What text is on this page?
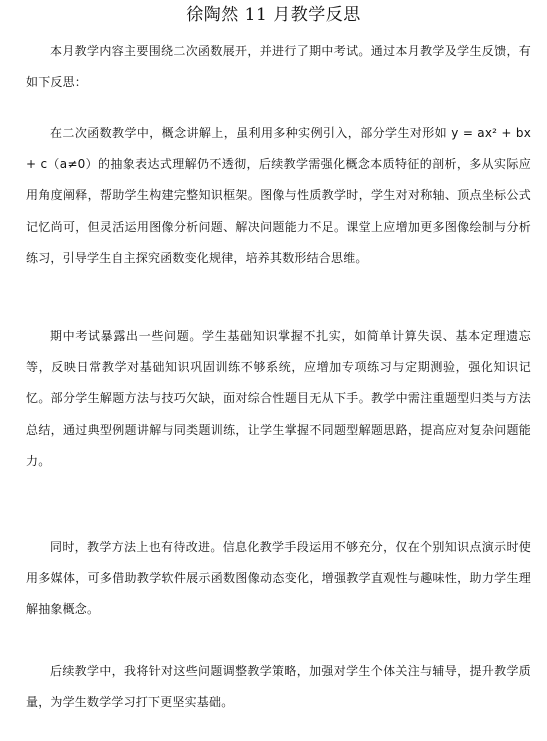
徐陶然 11 月教学反思

本月教学内容主要围绕二次函数展开，并进行了期中考试。通过本月教学及学生反馈，有如下反思：

在二次函数教学中，概念讲解上，虽利用多种实例引入，部分学生对形如 y = ax² + bx + c（a≠0）的抽象表达式理解仍不透彻，后续教学需强化概念本质特征的剖析，多从实际应用角度阐释，帮助学生构建完整知识框架。图像与性质教学时，学生对对称轴、顶点坐标公式记忆尚可，但灵活运用图像分析问题、解决问题能力不足。课堂上应增加更多图像绘制与分析练习，引导学生自主探究函数变化规律，培养其数形结合思维。

期中考试暴露出一些问题。学生基础知识掌握不扎实，如简单计算失误、基本定理遗忘等，反映日常教学对基础知识巩固训练不够系统，应增加专项练习与定期测验，强化知识记忆。部分学生解题方法与技巧欠缺，面对综合性题目无从下手。教学中需注重题型归类与方法总结，通过典型例题讲解与同类题训练，让学生掌握不同题型解题思路，提高应对复杂问题能力。

同时，教学方法上也有待改进。信息化教学手段运用不够充分，仅在个别知识点演示时使用多媒体，可多借助教学软件展示函数图像动态变化，增强教学直观性与趣味性，助力学生理解抽象概念。

后续教学中，我将针对这些问题调整教学策略，加强对学生个体关注与辅导，提升教学质量，为学生数学学习打下更坚实基础。
